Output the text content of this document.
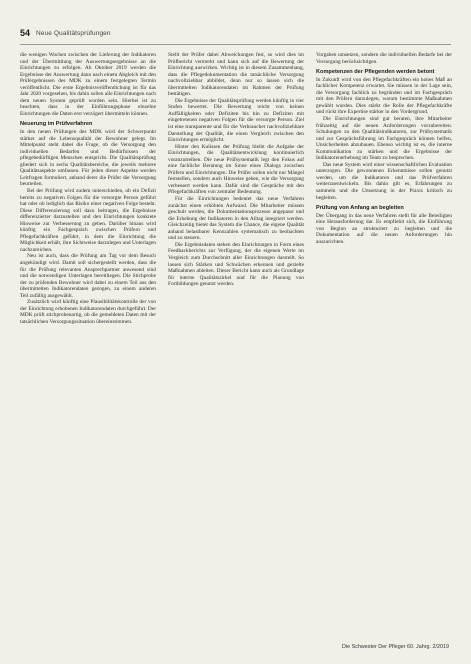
54 Neue Qualitätsprüfungen

die wenigen Wochen zwischen der Lieferung der Indikatoren und der Übermittlung der Auswertungsergebnisse an die Einrichtungen zu erfolgen. Ab Oktober 2019 werden die Ergebnisse der Auswertung dann nach einem Abgleich mit den Prüfergebnissen des MDK zu einem festgelegten Termin veröffentlicht. Die erste Ergebnisveröffentlichung ist für das Jahr 2020 vorgesehen, bis dahin sollen alle Einrichtungen nach dem neuen System geprüft worden sein. Hierbei ist zu beachten, dass in der Einführungsphase einzelne Einrichtungen die Daten erst verzögert übermitteln können.

Neuerung im Prüfverfahren

In den neuen Prüfungen des MDK wird der Schwerpunkt stärker auf die Lebensqualität der Bewohner gelegt. Im Mittelpunkt steht dabei die Frage, ob die Versorgung den individuellen Bedarfen und Bedürfnissen der pflegebedürftigen Menschen entspricht. Die Qualitätsprüfung gliedert sich in sechs Qualitätsbereiche, die jeweils mehrere Qualitätsaspekte umfassen. Für jeden dieser Aspekte werden Leitfragen formuliert, anhand derer die Prüfer die Versorgung beurteilen.

Bei der Prüfung wird zudem unterschieden, ob ein Defizit bereits zu negativen Folgen für die versorgte Person geführt hat oder ob lediglich das Risiko einer negativen Folge besteht. Diese Differenzierung soll dazu beitragen, die Ergebnisse differenzierter darzustellen und den Einrichtungen konkrete Hinweise zur Verbesserung zu geben. Darüber hinaus wird künftig ein Fachgespräch zwischen Prüfern und Pflegefachkräften geführt, in dem die Einrichtung die Möglichkeit erhält, ihre Sichtweise darzulegen und Unterlagen nachzureichen.

Neu ist auch, dass die Prüfung am Tag vor dem Besuch angekündigt wird. Damit soll sichergestellt werden, dass die für die Prüfung relevanten Ansprechpartner anwesend sind und die notwendigen Unterlagen bereitliegen. Die Stichprobe der zu prüfenden Bewohner wird dabei zu einem Teil aus den übermittelten Indikatorendaten gezogen, zu einem anderen Teil zufällig ausgewählt.

Zusätzlich wird künftig eine Plausibilitätskontrolle der von der Einrichtung erhobenen Indikatorendaten durchgeführt. Der MDK prüft stichprobenartig, ob die gemeldeten Daten mit der tatsächlichen Versorgungssituation übereinstimmen.

Stellt der Prüfer dabei Abweichungen fest, so wird dies im Prüfbericht vermerkt und kann sich auf die Bewertung der Einrichtung auswirken. Wichtig ist in diesem Zusammenhang, dass die Pflegedokumentation die tatsächliche Versorgung nachvollziehbar abbildet, denn nur so lassen sich die übermittelten Indikatorendaten im Rahmen der Prüfung bestätigen.

Die Ergebnisse der Qualitätsprüfung werden künftig in vier Stufen bewertet. Die Bewertung reicht von keinen Auffälligkeiten oder Defiziten bis hin zu Defiziten mit eingetretenen negativen Folgen für die versorgte Person. Ziel ist eine transparente und für die Verbraucher nachvollziehbare Darstellung der Qualität, die einen Vergleich zwischen den Einrichtungen ermöglicht.

Hinter den Kulissen der Prüfung bleibt die Aufgabe der Einrichtungen, die Qualitätsentwicklung kontinuierlich voranzutreiben. Die neue Prüfsystematik legt den Fokus auf eine fachliche Beratung im Sinne eines Dialogs zwischen Prüfern und Einrichtungen. Die Prüfer sollen nicht nur Mängel feststellen, sondern auch Hinweise geben, wie die Versorgung verbessert werden kann. Dafür sind die Gespräche mit den Pflegefachkräften von zentraler Bedeutung.

Für die Einrichtungen bedeutet das neue Verfahren zunächst einen erhöhten Aufwand. Die Mitarbeiter müssen geschult werden, die Dokumentationsprozesse angepasst und die Erhebung der Indikatoren in den Alltag integriert werden. Gleichzeitig bietet das System die Chance, die eigene Qualität anhand belastbarer Kennzahlen systematisch zu beobachten und zu steuern.

Die Ergebnisdaten stehen den Einrichtungen in Form eines Feedbackberichts zur Verfügung, der die eigenen Werte im Vergleich zum Durchschnitt aller Einrichtungen darstellt. So lassen sich Stärken und Schwächen erkennen und gezielte Maßnahmen ableiten. Dieser Bericht kann auch als Grundlage für interne Qualitätszirkel und für die Planung von Fortbildungen genutzt werden.

Vorgaben umsetzen, sondern die individuellen Bedarfe bei der Versorgung berücksichtigen.

Kompetenzen der Pflegenden werden betont

In Zukunft wird von den Pflegefachkräften ein hohes Maß an fachlicher Kompetenz erwartet. Sie müssen in der Lage sein, die Versorgung fachlich zu begründen und im Fachgespräch mit den Prüfern darzulegen, warum bestimmte Maßnahmen gewählt wurden. Dies stärkt die Rolle der Pflegefachkräfte und rückt ihre Expertise stärker in den Vordergrund.

Die Einrichtungen sind gut beraten, ihre Mitarbeiter frühzeitig auf die neuen Anforderungen vorzubereiten. Schulungen zu den Qualitätsindikatoren, zur Prüfsystematik und zur Gesprächsführung im Fachgespräch können helfen, Unsicherheiten abzubauen. Ebenso wichtig ist es, die interne Kommunikation zu stärken und die Ergebnisse der Indikatorenerhebung im Team zu besprechen.

Das neue System wird einer wissenschaftlichen Evaluation unterzogen. Die gewonnenen Erkenntnisse sollen genutzt werden, um die Indikatoren und das Prüfverfahren weiterzuentwickeln. Bis dahin gilt es, Erfahrungen zu sammeln und die Umsetzung in der Praxis kritisch zu begleiten.

Prüfung von Anfang an begleiten

Der Übergang in das neue Verfahren stellt für alle Beteiligten eine Herausforderung dar. Es empfiehlt sich, die Einführung von Beginn an strukturiert zu begleiten und die Dokumentation auf die neuen Anforderungen hin auszurichten.

Die Schwester Der Pfleger 60. Jahrg. 2/2019
